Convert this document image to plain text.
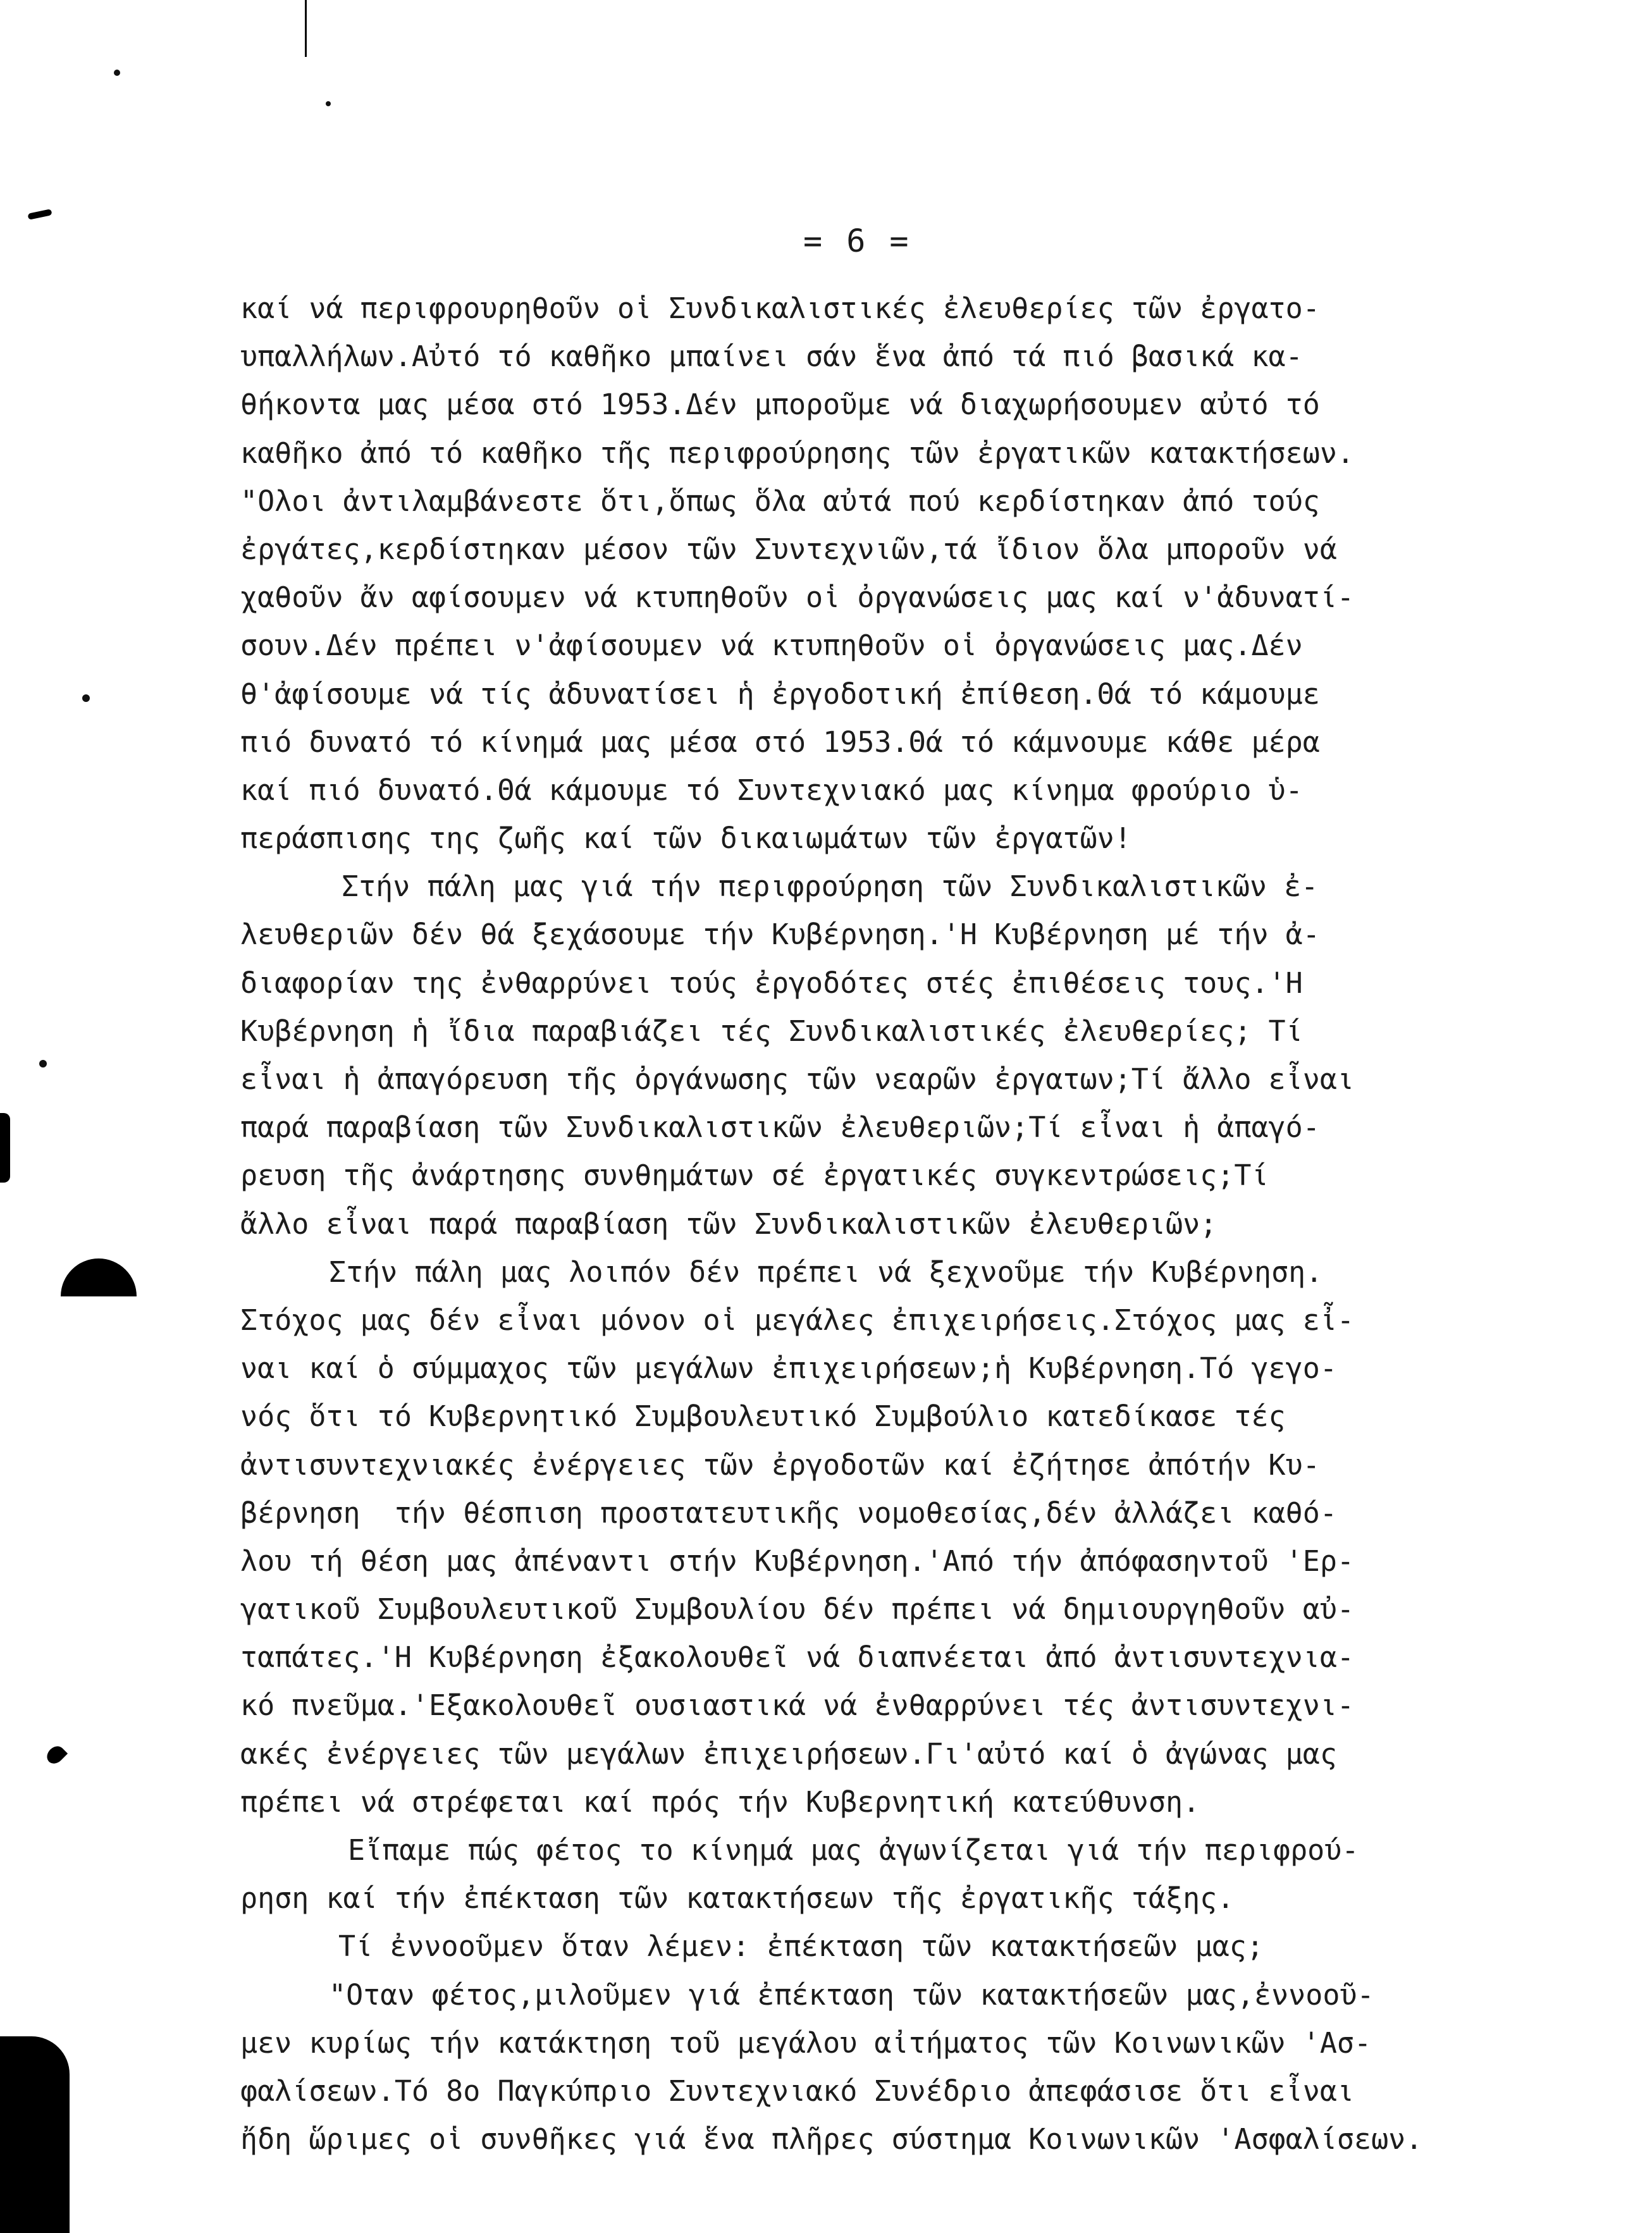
= 6 =
καί νά περιφρουρηθοῦν οἱ Συνδικαλιστικές ἐλευθερίες τῶν ἐργατο-
υπαλλήλων.Αὐτό τό καθῆκο μπαίνει σάν ἕνα ἀπό τά πιό βασικά κα-
θήκοντα μας μέσα στό 1953.Δέν μποροῦμε νά διαχωρήσουμεν αὐτό τό
καθῆκο ἀπό τό καθῆκο τῆς περιφρούρησης τῶν ἐργατικῶν κατακτήσεων.
"Ολοι ἀντιλαμβάνεστε ὅτι,ὅπως ὅλα αὐτά πού κερδίστηκαν ἀπό τούς
ἐργάτες,κερδίστηκαν μέσον τῶν Συντεχνιῶν,τά ἴδιον ὅλα μποροῦν νά
χαθοῦν ἄν αφίσουμεν νά κτυπηθοῦν οἱ ὀργανώσεις μας καί ν'ἀδυνατί-
σουν.Δέν πρέπει ν'ἀφίσουμεν νά κτυπηθοῦν οἱ ὀργανώσεις μας.Δέν
θ'ἀφίσουμε νά τίς ἀδυνατίσει ἡ ἐργοδοτική ἐπίθεση.Θά τό κάμουμε
πιό δυνατό τό κίνημά μας μέσα στό 1953.Θά τό κάμνουμε κάθε μέρα
καί πιό δυνατό.Θά κάμουμε τό Συντεχνιακό μας κίνημα φρούριο ὑ-
περάσπισης της ζωῆς καί τῶν δικαιωμάτων τῶν ἐργατῶν!
Στήν πάλη μας γιά τήν περιφρούρηση τῶν Συνδικαλιστικῶν ἐ-
λευθεριῶν δέν θά ξεχάσουμε τήν Κυβέρνηση.'Η Κυβέρνηση μέ τήν ἀ-
διαφορίαν της ἐνθαρρύνει τούς ἐργοδότες στές ἐπιθέσεις τους.'Η
Κυβέρνηση ἡ ἴδια παραβιάζει τές Συνδικαλιστικές ἐλευθερίες; Τί
εἶναι ἡ ἀπαγόρευση τῆς ὀργάνωσης τῶν νεαρῶν ἐργατων;Τί ἄλλο εἶναι
παρά παραβίαση τῶν Συνδικαλιστικῶν ἐλευθεριῶν;Τί εἶναι ἡ ἀπαγό-
ρευση τῆς ἀνάρτησης συνθημάτων σέ ἐργατικές συγκεντρώσεις;Τί
ἄλλο εἶναι παρά παραβίαση τῶν Συνδικαλιστικῶν ἐλευθεριῶν;
Στήν πάλη μας λοιπόν δέν πρέπει νά ξεχνοῦμε τήν Κυβέρνηση.
Στόχος μας δέν εἶναι μόνον οἱ μεγάλες ἐπιχειρήσεις.Στόχος μας εἶ-
ναι καί ὁ σύμμαχος τῶν μεγάλων ἐπιχειρήσεων;ἡ Κυβέρνηση.Τό γεγο-
νός ὅτι τό Κυβερνητικό Συμβουλευτικό Συμβούλιο κατεδίκασε τές
ἀντισυντεχνιακές ἐνέργειες τῶν ἐργοδοτῶν καί ἐζήτησε ἀπότήν Κυ-
βέρνηση  τήν θέσπιση προστατευτικῆς νομοθεσίας,δέν ἀλλάζει καθό-
λου τή θέση μας ἀπέναντι στήν Κυβέρνηση.'Από τήν ἀπόφασηντοῦ 'Ερ-
γατικοῦ Συμβουλευτικοῦ Συμβουλίου δέν πρέπει νά δημιουργηθοῦν αὐ-
ταπάτες.'Η Κυβέρνηση ἐξακολουθεῖ νά διαπνέεται ἀπό ἀντισυντεχνια-
κό πνεῦμα.'Εξακολουθεῖ ουσιαστικά νά ἐνθαρρύνει τές ἀντισυντεχνι-
ακές ἐνέργειες τῶν μεγάλων ἐπιχειρήσεων.Γι'αὐτό καί ὁ ἀγώνας μας
πρέπει νά στρέφεται καί πρός τήν Κυβερνητική κατεύθυνση.
Εἴπαμε πώς φέτος το κίνημά μας ἀγωνίζεται γιά τήν περιφρού-
ρηση καί τήν ἐπέκταση τῶν κατακτήσεων τῆς ἐργατικῆς τάξης.
Τί ἐννοοῦμεν ὅταν λέμεν: ἐπέκταση τῶν κατακτήσεῶν μας;
"Οταν φέτος,μιλοῦμεν γιά ἐπέκταση τῶν κατακτήσεῶν μας,ἐννοοῦ-
μεν κυρίως τήν κατάκτηση τοῦ μεγάλου αἰτήματος τῶν Κοινωνικῶν 'Ασ-
φαλίσεων.Τό 8ο Παγκύπριο Συντεχνιακό Συνέδριο ἀπεφάσισε ὅτι εἶναι
ἤδη ὥριμες οἱ συνθῆκες γιά ἕνα πλῆρες σύστημα Κοινωνικῶν 'Ασφαλίσεων.
